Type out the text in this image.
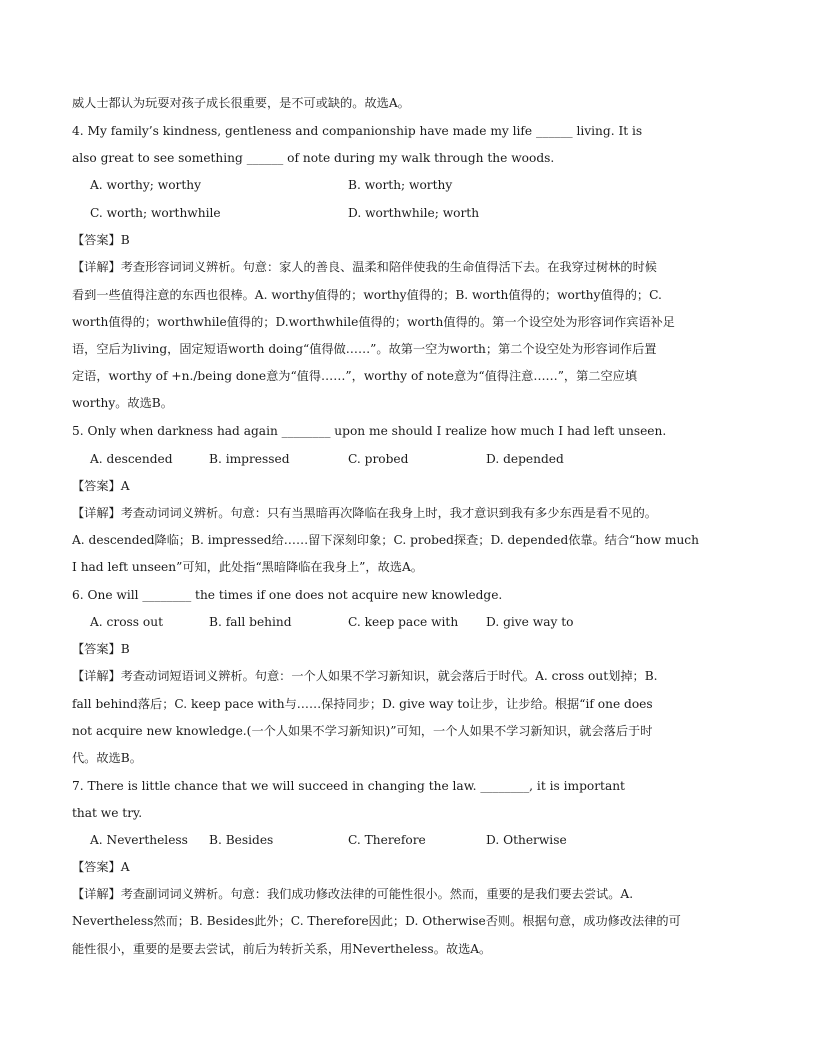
威人士都认为玩耍对孩子成长很重要，是不可或缺的。故选A。
4. My family’s kindness, gentleness and companionship have made my life ______ living. It is
also great to see something ______ of note during my walk through the woods.
A. worthy; worthy	B. worth; worthy
C. worth; worthwhile	D. worthwhile; worth
【答案】B
【详解】考查形容词词义辨析。句意：家人的善良、温柔和陪伴使我的生命值得活下去。在我穿过树林的时候
看到一些值得注意的东西也很棒。A. worthy值得的；worthy值得的；B. worth值得的；worthy值得的；C.
worth值得的；worthwhile值得的；D.worthwhile值得的；worth值得的。第一个设空处为形容词作宾语补足
语，空后为living，固定短语worth doing“值得做……”。故第一空为worth；第二个设空处为形容词作后置
定语，worthy of +n./being done意为“值得……”，worthy of note意为“值得注意……”，第二空应填
worthy。故选B。
5. Only when darkness had again ________ upon me should I realize how much I had left unseen.
A. descended	B. impressed	C. probed	D. depended
【答案】A
【详解】考查动词词义辨析。句意：只有当黑暗再次降临在我身上时，我才意识到我有多少东西是看不见的。
A. descended降临；B. impressed给……留下深刻印象；C. probed探查；D. depended依靠。结合“how much
I had left unseen”可知，此处指“黑暗降临在我身上”，故选A。
6. One will ________ the times if one does not acquire new knowledge.
A. cross out	B. fall behind	C. keep pace with D. give way to
【答案】B
【详解】考查动词短语词义辨析。句意：一个人如果不学习新知识，就会落后于时代。A. cross out划掉；B.
fall behind落后；C. keep pace with与……保持同步；D. give way to让步，让步给。根据“if one does
not acquire new knowledge.(一个人如果不学习新知识)”可知，一个人如果不学习新知识，就会落后于时
代。故选B。
7. There is little chance that we will succeed in changing the law. ________, it is important
that we try.
A. Nevertheless B. Besides	C. Therefore	D. Otherwise
【答案】A
【详解】考查副词词义辨析。句意：我们成功修改法律的可能性很小。然而，重要的是我们要去尝试。A.
Nevertheless然而；B. Besides此外；C. Therefore因此；D. Otherwise否则。根据句意，成功修改法律的可
能性很小，重要的是要去尝试，前后为转折关系，用Nevertheless。故选A。
